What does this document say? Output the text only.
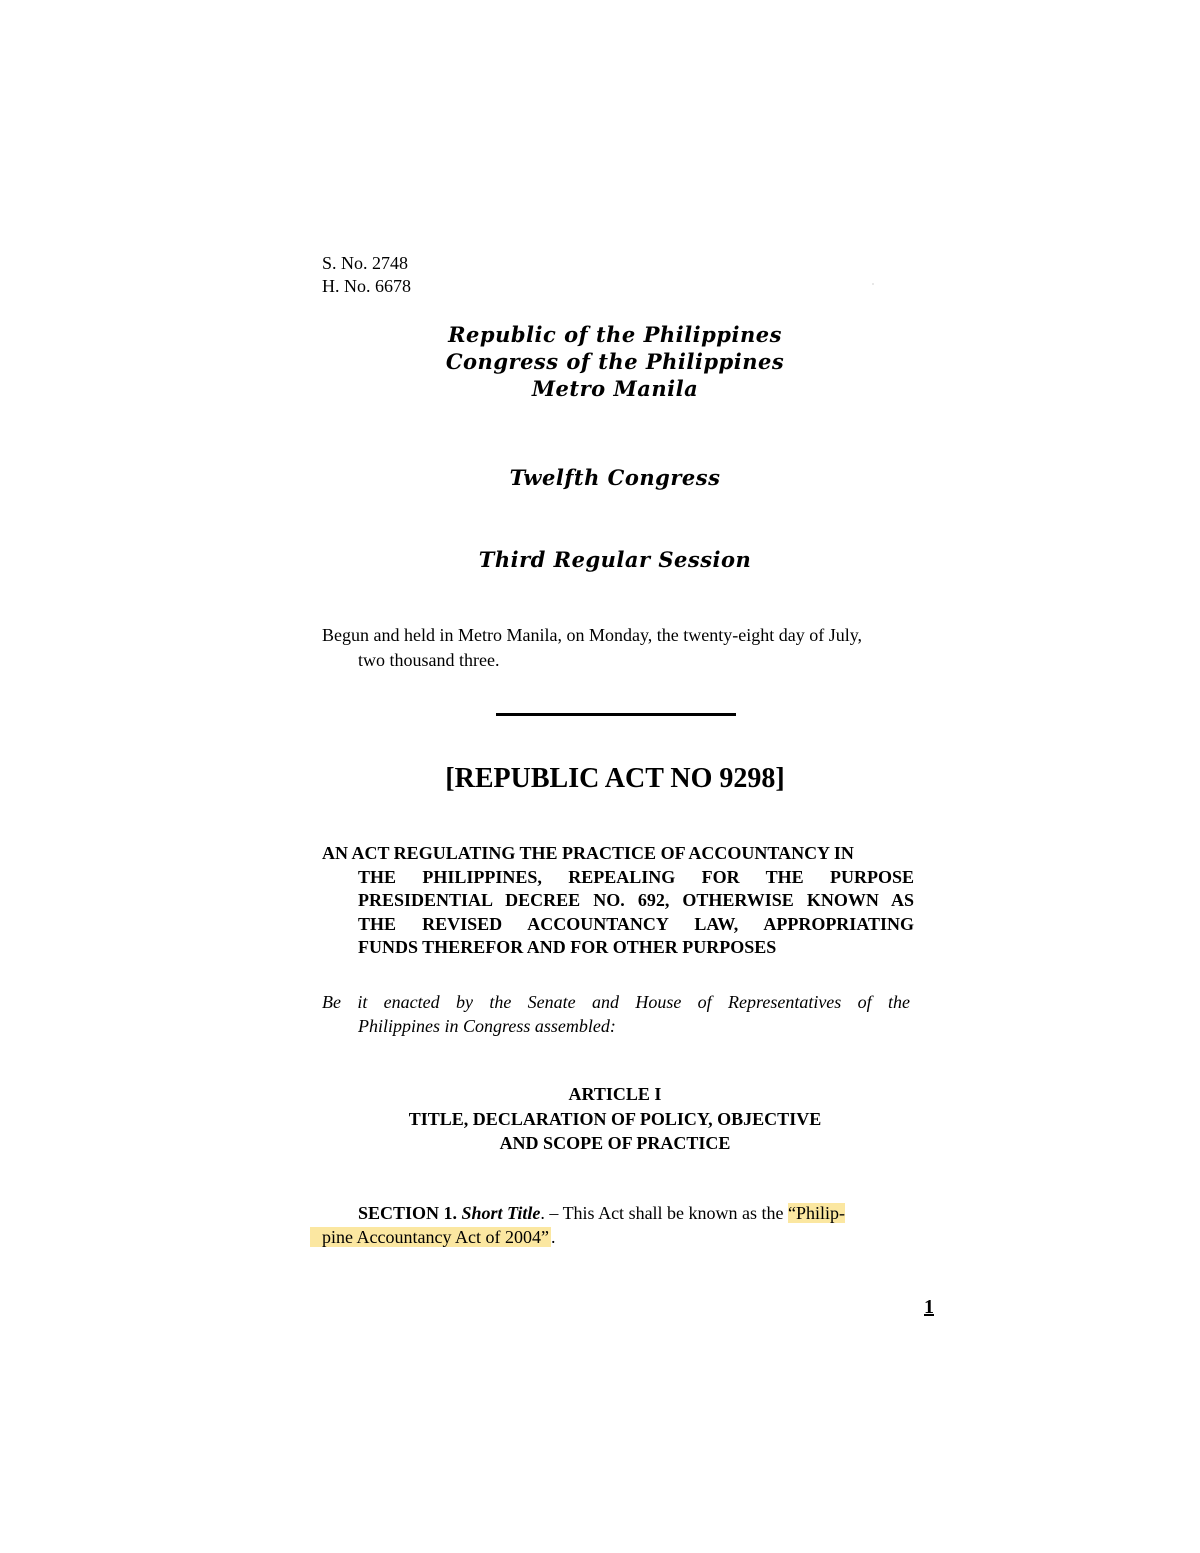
S. No. 2748
H. No. 6678
Republic of the Philippines
Congress of the Philippines
Metro Manila
Twelfth Congress
Third Regular Session
Begun and held in Metro Manila, on Monday, the twenty-eight day of July,
two thousand three.
[REPUBLIC ACT NO 9298]
AN ACT REGULATING THE PRACTICE OF ACCOUNTANCY IN
THE PHILIPPINES, REPEALING FOR THE PURPOSE
PRESIDENTIAL DECREE NO. 692, OTHERWISE KNOWN AS
THE REVISED ACCOUNTANCY LAW, APPROPRIATING
FUNDS THEREFOR AND FOR OTHER PURPOSES
Be it enacted by the Senate and House of Representatives of the
Philippines in Congress assembled:
ARTICLE I
TITLE, DECLARATION OF POLICY, OBJECTIVE
AND SCOPE OF PRACTICE
SECTION 1. Short Title. – This Act shall be known as the “Philip-
pine Accountancy Act of 2004” .
1
